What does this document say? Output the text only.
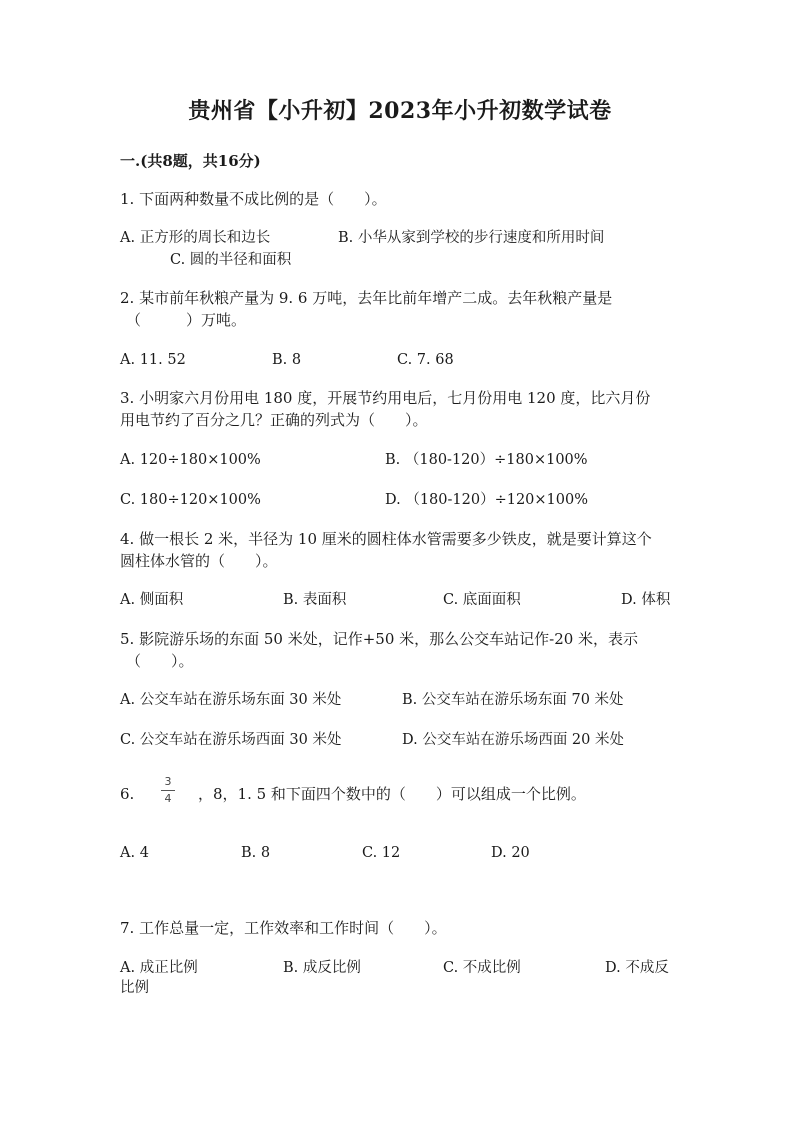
贵州省【小升初】2023年小升初数学试卷
一.(共8题，共16分)
1. 下面两种数量不成比例的是（　　）。
A. 正方形的周长和边长	B. 小华从家到学校的步行速度和所用时间
C. 圆的半径和面积
2. 某市前年秋粮产量为 9. 6 万吨，去年比前年增产二成。去年秋粮产量是
（　　　）万吨。
A. 11. 52	B. 8	C. 7. 68
3. 小明家六月份用电 180 度，开展节约用电后，七月份用电 120 度，比六月份
用电节约了百分之几？正确的列式为（　　）。
A. 120÷180×100%	B. （180-120）÷180×100%
C. 180÷120×100%	D. （180-120）÷120×100%
4. 做一根长 2 米，半径为 10 厘米的圆柱体水管需要多少铁皮，就是要计算这个
圆柱体水管的（　　）。
A. 侧面积	B. 表面积	C. 底面面积	D. 体积
5. 影院游乐场的东面 50 米处，记作+50 米，那么公交车站记作-20 米，表示
（　　）。
A. 公交车站在游乐场东面 30 米处	B. 公交车站在游乐场东面 70 米处
C. 公交车站在游乐场西面 30 米处	D. 公交车站在游乐场西面 20 米处
6.
3
4	，8，1. 5 和下面四个数中的（　　）可以组成一个比例。
A. 4	B. 8	C. 12	D. 20
7. 工作总量一定，工作效率和工作时间（　　）。
A. 成正比例	B. 成反比例	C. 不成比例	D. 不成反
比例
